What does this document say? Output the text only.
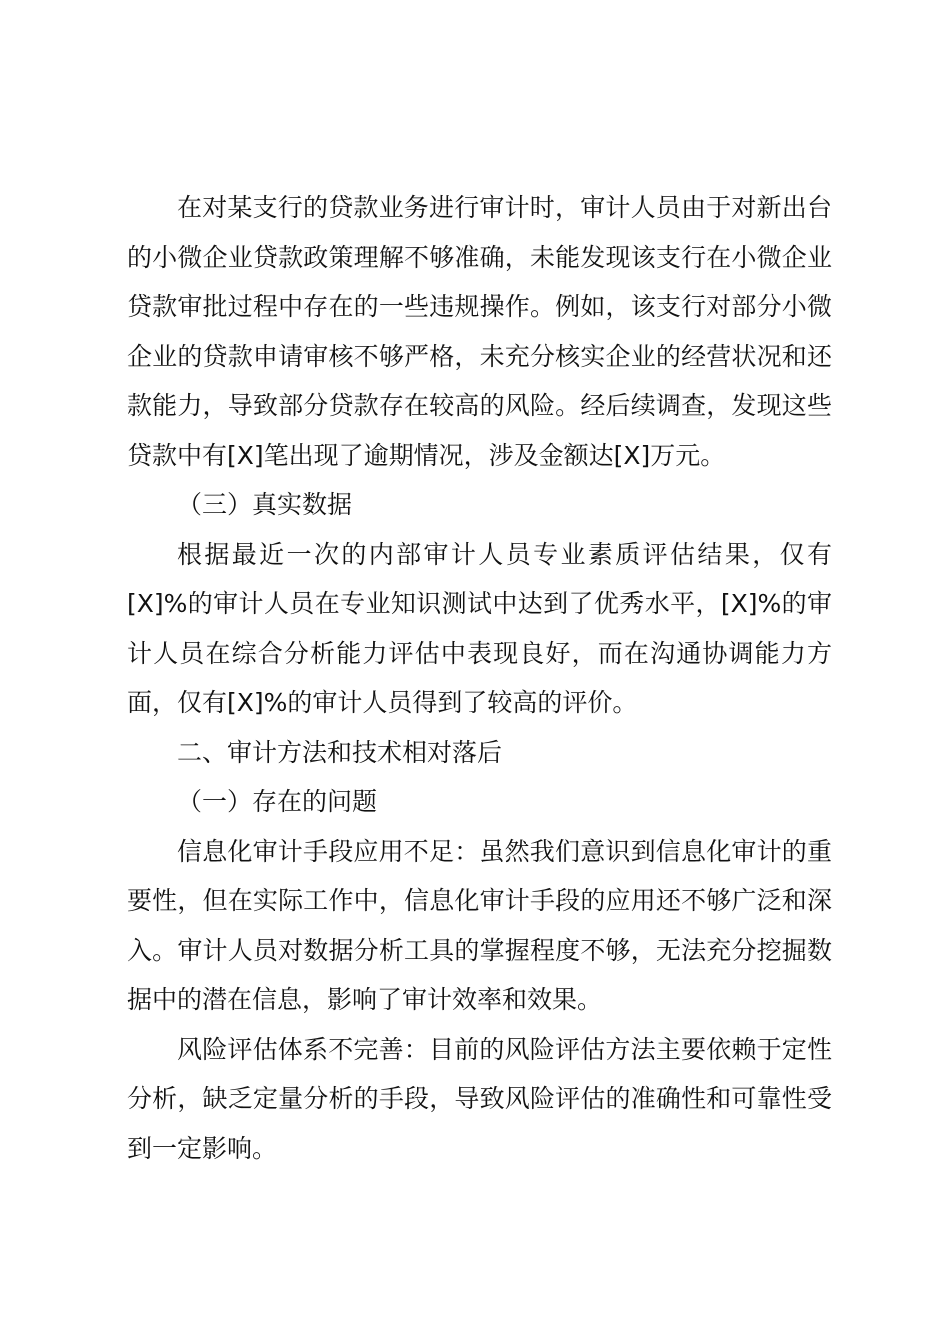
在对某支行的贷款业务进行审计时，审计人员由于对新出台的小微企业贷款政策理解不够准确，未能发现该支行在小微企业贷款审批过程中存在的一些违规操作。例如，该支行对部分小微企业的贷款申请审核不够严格，未充分核实企业的经营状况和还款能力，导致部分贷款存在较高的风险。经后续调查，发现这些贷款中有[X]笔出现了逾期情况，涉及金额达[X]万元。

（三）真实数据

根据最近一次的内部审计人员专业素质评估结果，仅有[X]%的审计人员在专业知识测试中达到了优秀水平，[X]%的审计人员在综合分析能力评估中表现良好，而在沟通协调能力方面，仅有[X]%的审计人员得到了较高的评价。

二、审计方法和技术相对落后

（一）存在的问题

信息化审计手段应用不足：虽然我们意识到信息化审计的重要性，但在实际工作中，信息化审计手段的应用还不够广泛和深入。审计人员对数据分析工具的掌握程度不够，无法充分挖掘数据中的潜在信息，影响了审计效率和效果。

风险评估体系不完善：目前的风险评估方法主要依赖于定性分析，缺乏定量分析的手段，导致风险评估的准确性和可靠性受到一定影响。
